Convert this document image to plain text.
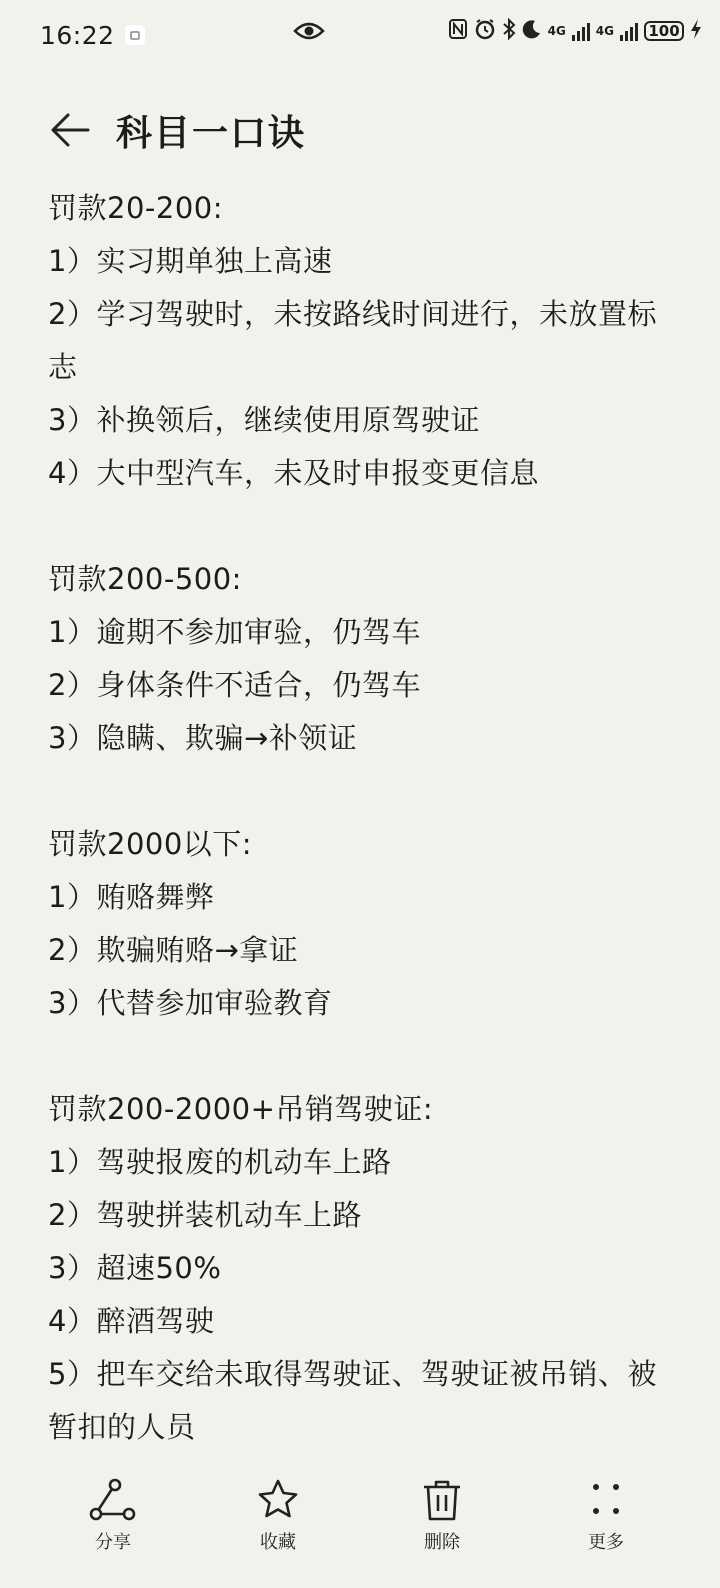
16:22	4G	4G 100
科目一口诀

罚款20-200:

1）实习期单独上高速

2）学习驾驶时，未按路线时间进行，未放置标志

3）补换领后，继续使用原驾驶证

4）大中型汽车，未及时申报变更信息

罚款200-500:

1）逾期不参加审验，仍驾车

2）身体条件不适合，仍驾车

3）隐瞒、欺骗→补领证

罚款2000以下:

1）贿赂舞弊

2）欺骗贿赂→拿证

3）代替参加审验教育

罚款200-2000+吊销驾驶证:

1）驾驶报废的机动车上路

2）驾驶拼装机动车上路

3）超速50%

4）醉酒驾驶

5）把车交给未取得驾驶证、驾驶证被吊销、被暂扣的人员

分享	收藏	删除	更多
